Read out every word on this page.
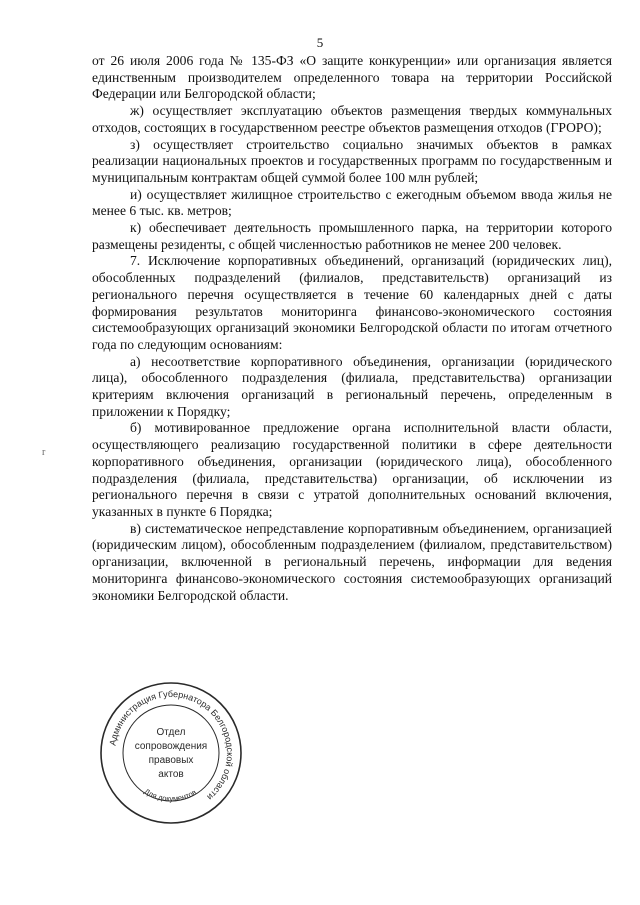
5

от 26 июля 2006 года № 135-ФЗ «О защите конкуренции» или организация является единственным производителем определенного товара на территории Российской Федерации или Белгородской области;

ж) осуществляет эксплуатацию объектов размещения твердых коммунальных отходов, состоящих в государственном реестре объектов размещения отходов (ГРОРО);

з) осуществляет строительство социально значимых объектов в рамках реализации национальных проектов и государственных программ по государственным и муниципальным контрактам общей суммой более 100 млн рублей;

и) осуществляет жилищное строительство с ежегодным объемом ввода жилья не менее 6 тыс. кв. метров;

к) обеспечивает деятельность промышленного парка, на территории которого размещены резиденты, с общей численностью работников не менее 200 человек.

7. Исключение корпоративных объединений, организаций (юридических лиц), обособленных подразделений (филиалов, представительств) организаций из регионального перечня осуществляется в течение 60 календарных дней с даты формирования результатов мониторинга финансово-экономического состояния системообразующих организаций экономики Белгородской области по итогам отчетного года по следующим основаниям:

а) несоответствие корпоративного объединения, организации (юридического лица), обособленного подразделения (филиала, представительства) организации критериям включения организаций в региональный перечень, определенным в приложении к Порядку;

б) мотивированное предложение органа исполнительной власти области, осуществляющего реализацию государственной политики в сфере деятельности корпоративного объединения, организации (юридического лица), обособленного подразделения (филиала, представительства) организации, об исключении из регионального перечня в связи с утратой дополнительных оснований включения, указанных в пункте 6 Порядка;

в) систематическое непредставление корпоративным объединением, организацией (юридическим лицом), обособленным подразделением (филиалом, представительством) организации, включенной в региональный перечень, информации для ведения мониторинга финансово-экономического состояния системообразующих организаций экономики Белгородской области.

r
Администрация Губернатора Белгородской области
Для документов
Отдел
сопровождения
правовых
актов
